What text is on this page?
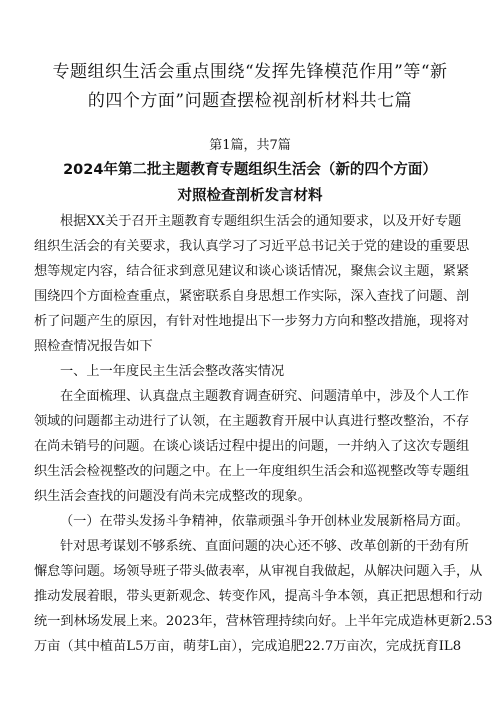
专题组织生活会重点围绕“发挥先锋模范作用”等“新
的四个方面”问题查摆检视剖析材料共七篇
第1篇，共7篇
2024年第二批主题教育专题组织生活会（新的四个方面）
对照检查剖析发言材料
根据XX关于召开主题教育专题组织生活会的通知要求，以及开好专题
组织生活会的有关要求，我认真学习了习近平总书记关于党的建设的重要思
想等规定内容，结合征求到意见建议和谈心谈话情况，聚焦会议主题，紧紧
围绕四个方面检查重点，紧密联系自身思想工作实际，深入查找了问题、剖
析了问题产生的原因，有针对性地提出下一步努力方向和整改措施，现将对
照检查情况报告如下
一、上一年度民主生活会整改落实情况
在全面梳理、认真盘点主题教育调查研究、问题清单中，涉及个人工作
领域的问题都主动进行了认领，在主题教育开展中认真进行整改整治，不存
在尚未销号的问题。在谈心谈话过程中提出的问题，一并纳入了这次专题组
织生活会检视整改的问题之中。在上一年度组织生活会和巡视整改等专题组
织生活会查找的问题没有尚未完成整改的现象。
（一）在带头发扬斗争精神，依靠顽强斗争开创林业发展新格局方面。
针对思考谋划不够系统、直面问题的决心还不够、改革创新的干劲有所
懈怠等问题。场领导班子带头做表率，从审视自我做起，从解决问题入手，从
推动发展着眼，带头更新观念、转变作风，提高斗争本领，真正把思想和行动
统一到林场发展上来。2023年，营林管理持续向好。上半年完成造林更新2.53
万亩（其中植苗L5万亩，萌芽L亩），完成追肥22.7万亩次，完成抚育IL8
